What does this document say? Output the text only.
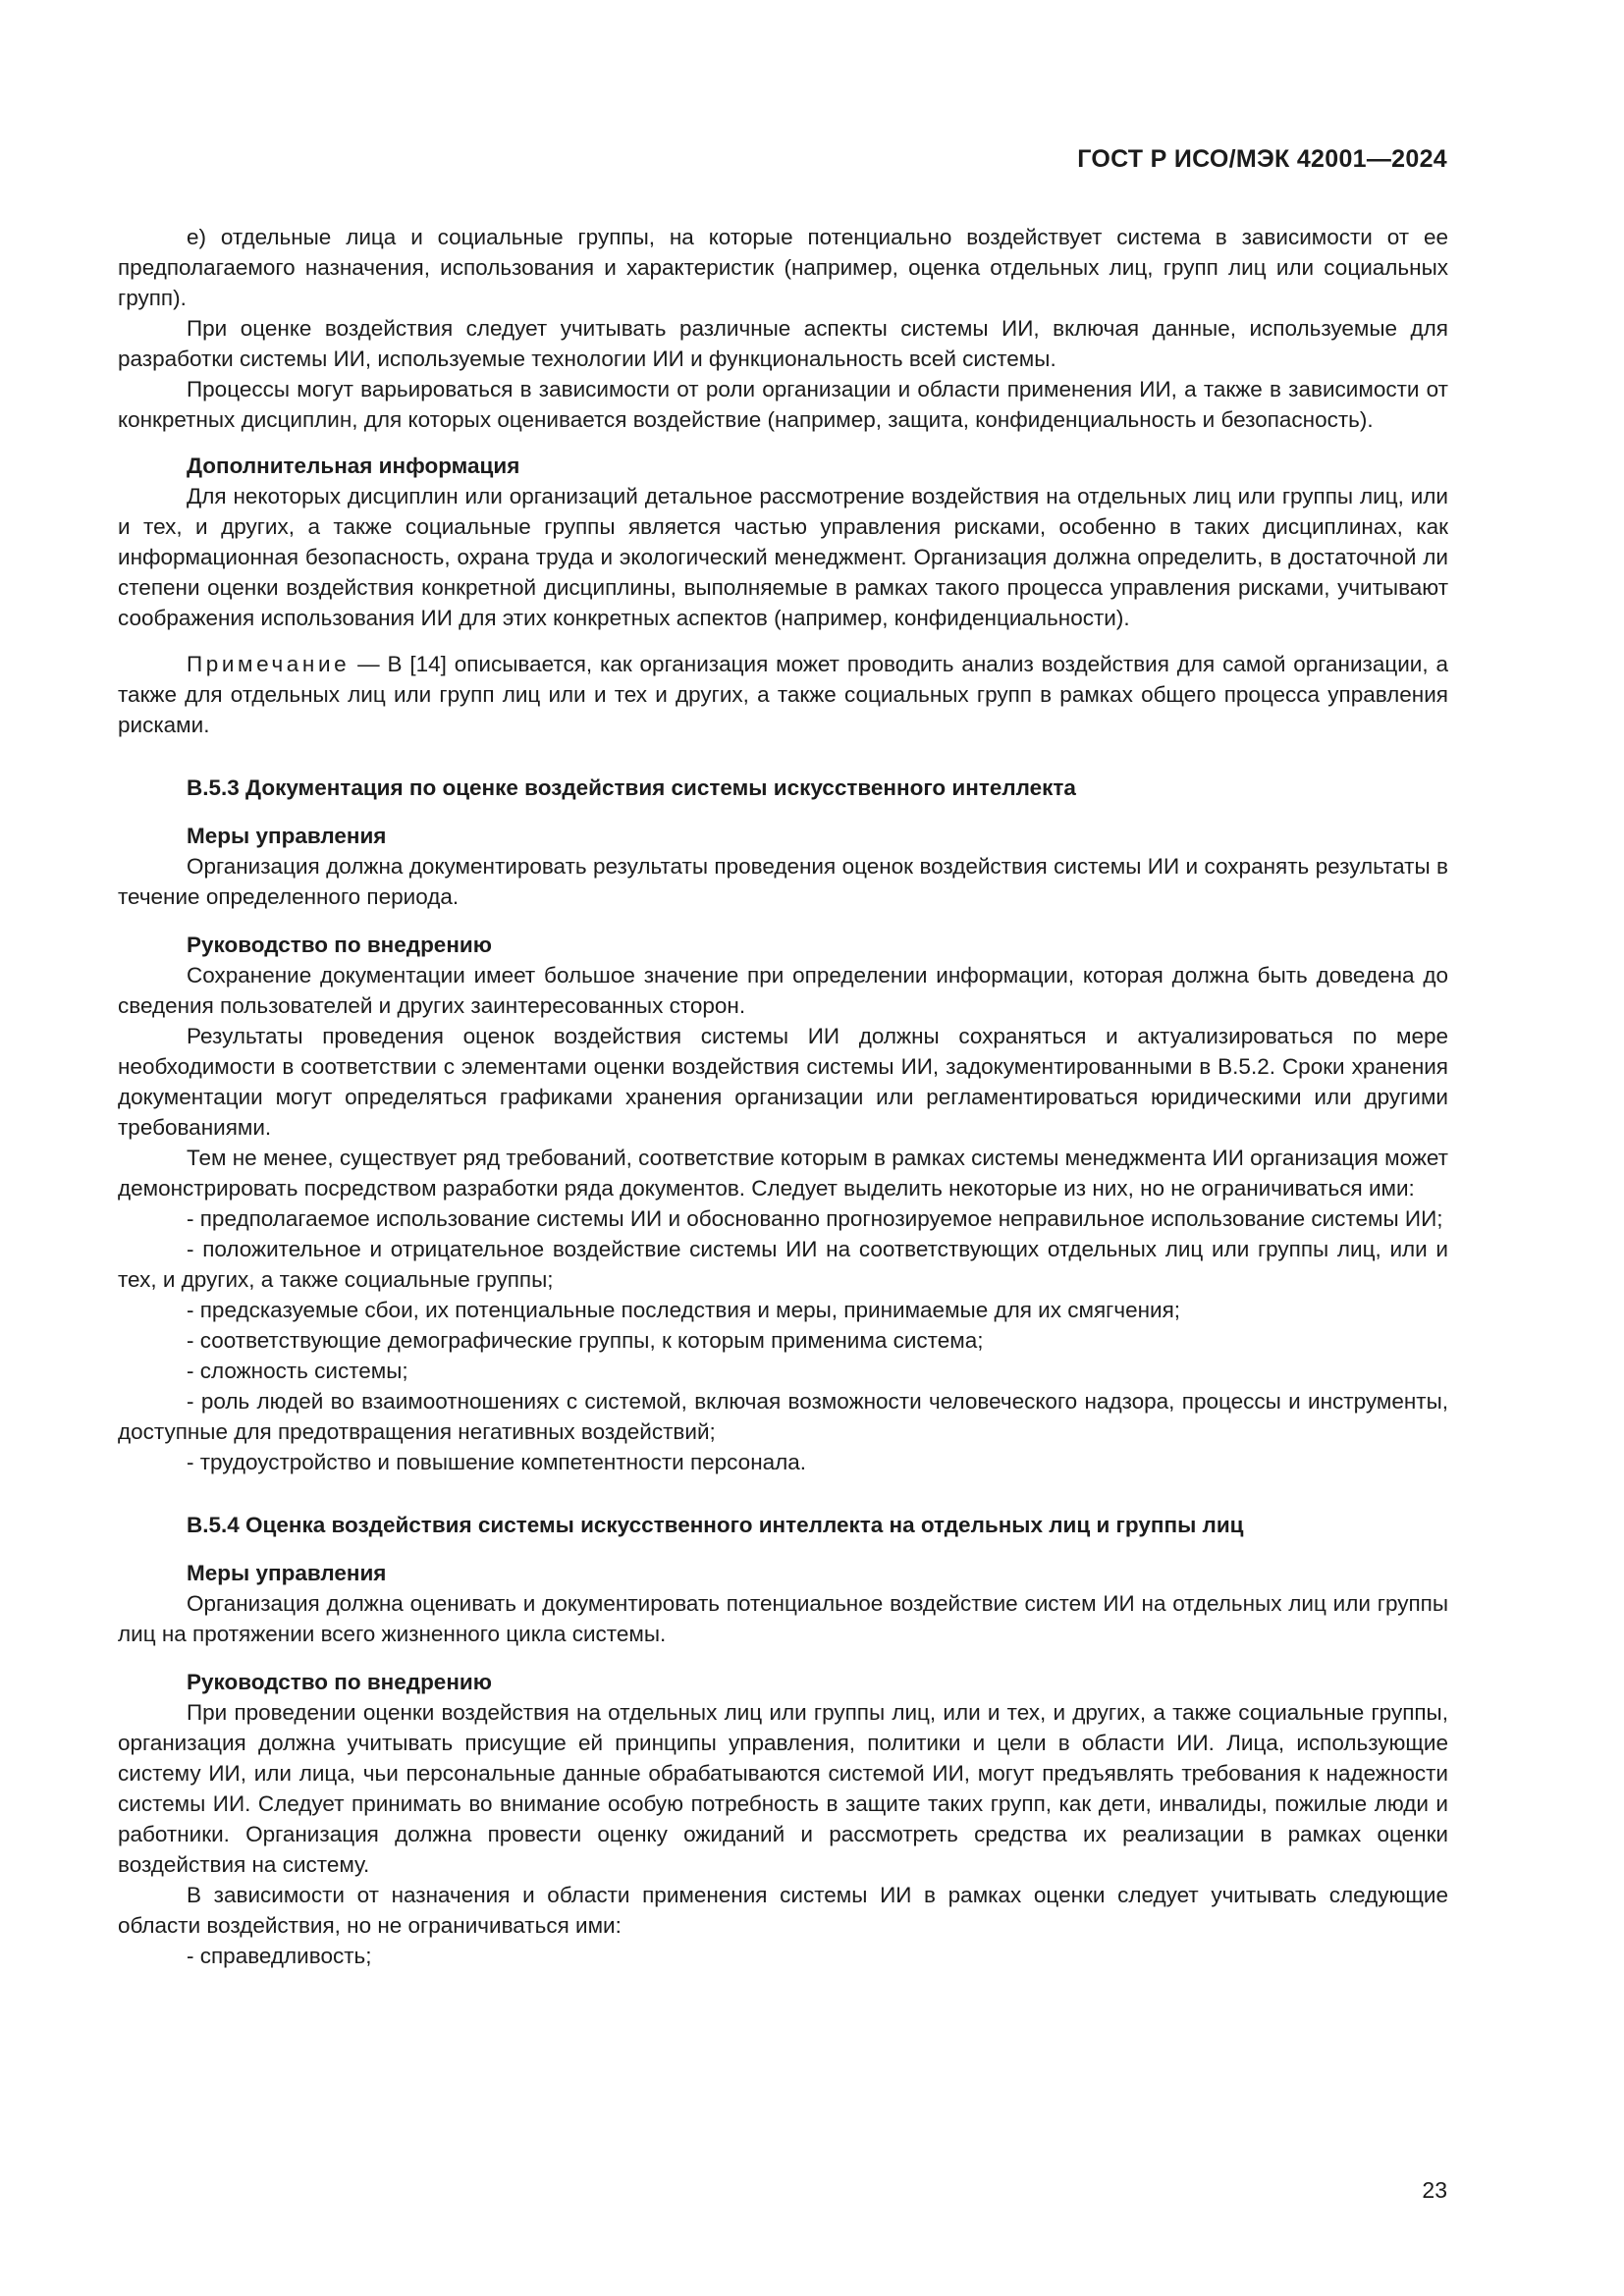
ГОСТ Р ИСО/МЭК 42001—2024

е) отдельные лица и социальные группы, на которые потенциально воздействует система в зависимости от ее предполагаемого назначения, использования и характеристик (например, оценка отдельных лиц, групп лиц или социальных групп).

При оценке воздействия следует учитывать различные аспекты системы ИИ, включая данные, используемые для разработки системы ИИ, используемые технологии ИИ и функциональность всей системы.

Процессы могут варьироваться в зависимости от роли организации и области применения ИИ, а также в зависимости от конкретных дисциплин, для которых оценивается воздействие (например, защита, конфиденциальность и безопасность).

Дополнительная информация

Для некоторых дисциплин или организаций детальное рассмотрение воздействия на отдельных лиц или группы лиц, или и тех, и других, а также социальные группы является частью управления рисками, особенно в таких дисциплинах, как информационная безопасность, охрана труда и экологический менеджмент. Организация должна определить, в достаточной ли степени оценки воздействия конкретной дисциплины, выполняемые в рамках такого процесса управления рисками, учитывают соображения использования ИИ для этих конкретных аспектов (например, конфиденциальности).

Примечание — В [14] описывается, как организация может проводить анализ воздействия для самой организации, а также для отдельных лиц или групп лиц или и тех и других, а также социальных групп в рамках общего процесса управления рисками.

B.5.3 Документация по оценке воздействия системы искусственного интеллекта
Меры управления

Организация должна документировать результаты проведения оценок воздействия системы ИИ и сохранять результаты в течение определенного периода.

Руководство по внедрению

Сохранение документации имеет большое значение при определении информации, которая должна быть доведена до сведения пользователей и других заинтересованных сторон.

Результаты проведения оценок воздействия системы ИИ должны сохраняться и актуализироваться по мере необходимости в соответствии с элементами оценки воздействия системы ИИ, задокументированными в B.5.2. Сроки хранения документации могут определяться графиками хранения организации или регламентироваться юридическими или другими требованиями.

Тем не менее, существует ряд требований, соответствие которым в рамках системы менеджмента ИИ организация может демонстрировать посредством разработки ряда документов. Следует выделить некоторые из них, но не ограничиваться ими:

- предполагаемое использование системы ИИ и обоснованно прогнозируемое неправильное использование системы ИИ;

- положительное и отрицательное воздействие системы ИИ на соответствующих отдельных лиц или группы лиц, или и тех, и других, а также социальные группы;

- предсказуемые сбои, их потенциальные последствия и меры, принимаемые для их смягчения;

- соответствующие демографические группы, к которым применима система;

- сложность системы;

- роль людей во взаимоотношениях с системой, включая возможности человеческого надзора, процессы и инструменты, доступные для предотвращения негативных воздействий;

- трудоустройство и повышение компетентности персонала.

B.5.4 Оценка воздействия системы искусственного интеллекта на отдельных лиц и группы лиц
Меры управления

Организация должна оценивать и документировать потенциальное воздействие систем ИИ на отдельных лиц или группы лиц на протяжении всего жизненного цикла системы.

Руководство по внедрению

При проведении оценки воздействия на отдельных лиц или группы лиц, или и тех, и других, а также социальные группы, организация должна учитывать присущие ей принципы управления, политики и цели в области ИИ. Лица, использующие систему ИИ, или лица, чьи персональные данные обрабатываются системой ИИ, могут предъявлять требования к надежности системы ИИ. Следует принимать во внимание особую потребность в защите таких групп, как дети, инвалиды, пожилые люди и работники. Организация должна провести оценку ожиданий и рассмотреть средства их реализации в рамках оценки воздействия на систему.

В зависимости от назначения и области применения системы ИИ в рамках оценки следует учитывать следующие области воздействия, но не ограничиваться ими:

- справедливость;

23
